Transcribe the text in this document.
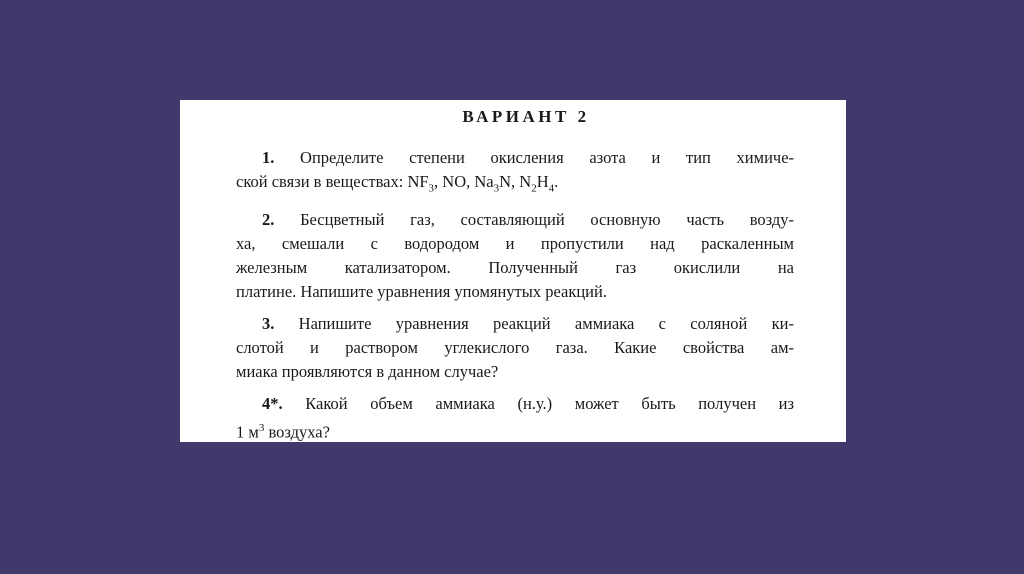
ВАРИАНТ 2
1. Определите степени окисления азота и тип химиче-
ской связи в веществах: $NF_3$, NO, $Na_3N$, $N_2H_4$.
2. Бесцветный газ, составляющий основную часть возду-
ха, смешали с водородом и пропустили над раскаленным
железным катализатором. Полученный газ окислили на
платине. Напишите уравнения упомянутых реакций.
3. Напишите уравнения реакций аммиака с соляной ки-
слотой и раствором углекислого газа. Какие свойства ам-
миака проявляются в данном случае?
4*. Какой объем аммиака (н.у.) может быть получен из
1 $м^3$ воздуха?
